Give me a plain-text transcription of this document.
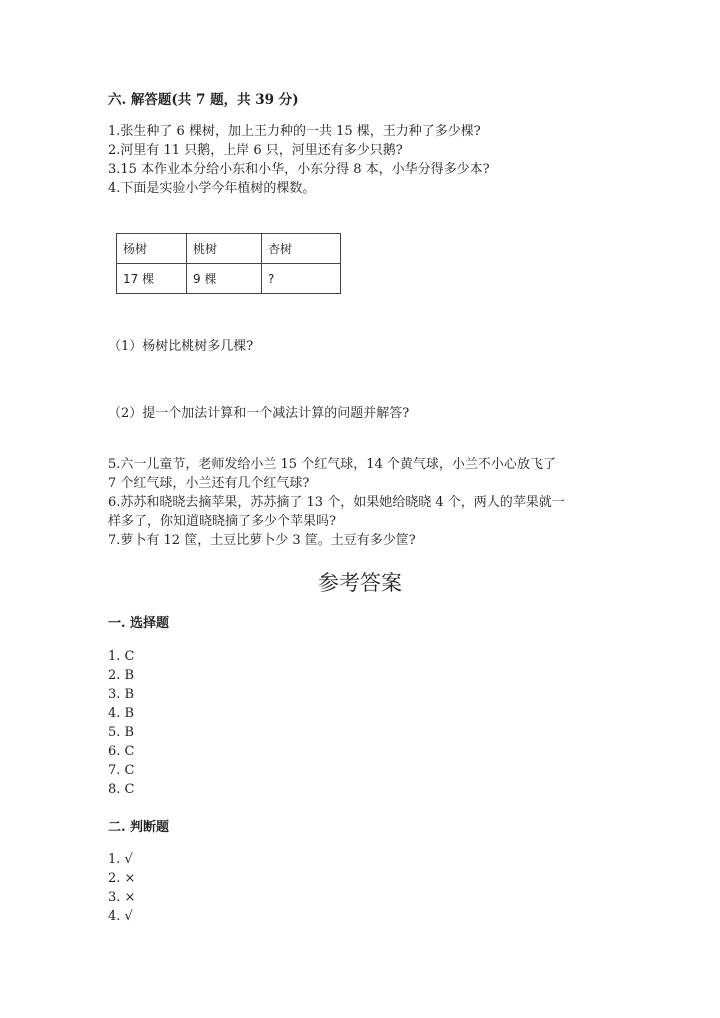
六. 解答题(共 7 题，共 39 分)
1.张生种了 6 棵树，加上王力种的一共 15 棵，王力种了多少棵?
2.河里有 11 只鹅，上岸 6 只，河里还有多少只鹅?
3.15 本作业本分给小东和小华，小东分得 8 本，小华分得多少本?
4.下面是实验小学今年植树的棵数。
杨树	桃树	杏树
17 棵	9 棵	?
（1）杨树比桃树多几棵?
（2）提一个加法计算和一个减法计算的问题并解答?
5.六一儿童节，老师发给小兰 15 个红气球，14 个黄气球，小兰不小心放飞了
7 个红气球，小兰还有几个红气球?
6.苏苏和晓晓去摘苹果，苏苏摘了 13 个，如果她给晓晓 4 个，两人的苹果就一
样多了，你知道晓晓摘了多少个苹果吗?
7.萝卜有 12 筐，土豆比萝卜少 3 筐。土豆有多少筐?
参考答案
一. 选择题
1. C
2. B
3. B
4. B
5. B
6. C
7. C
8. C
二. 判断题
1. √
2. ×
3. ×
4. √
